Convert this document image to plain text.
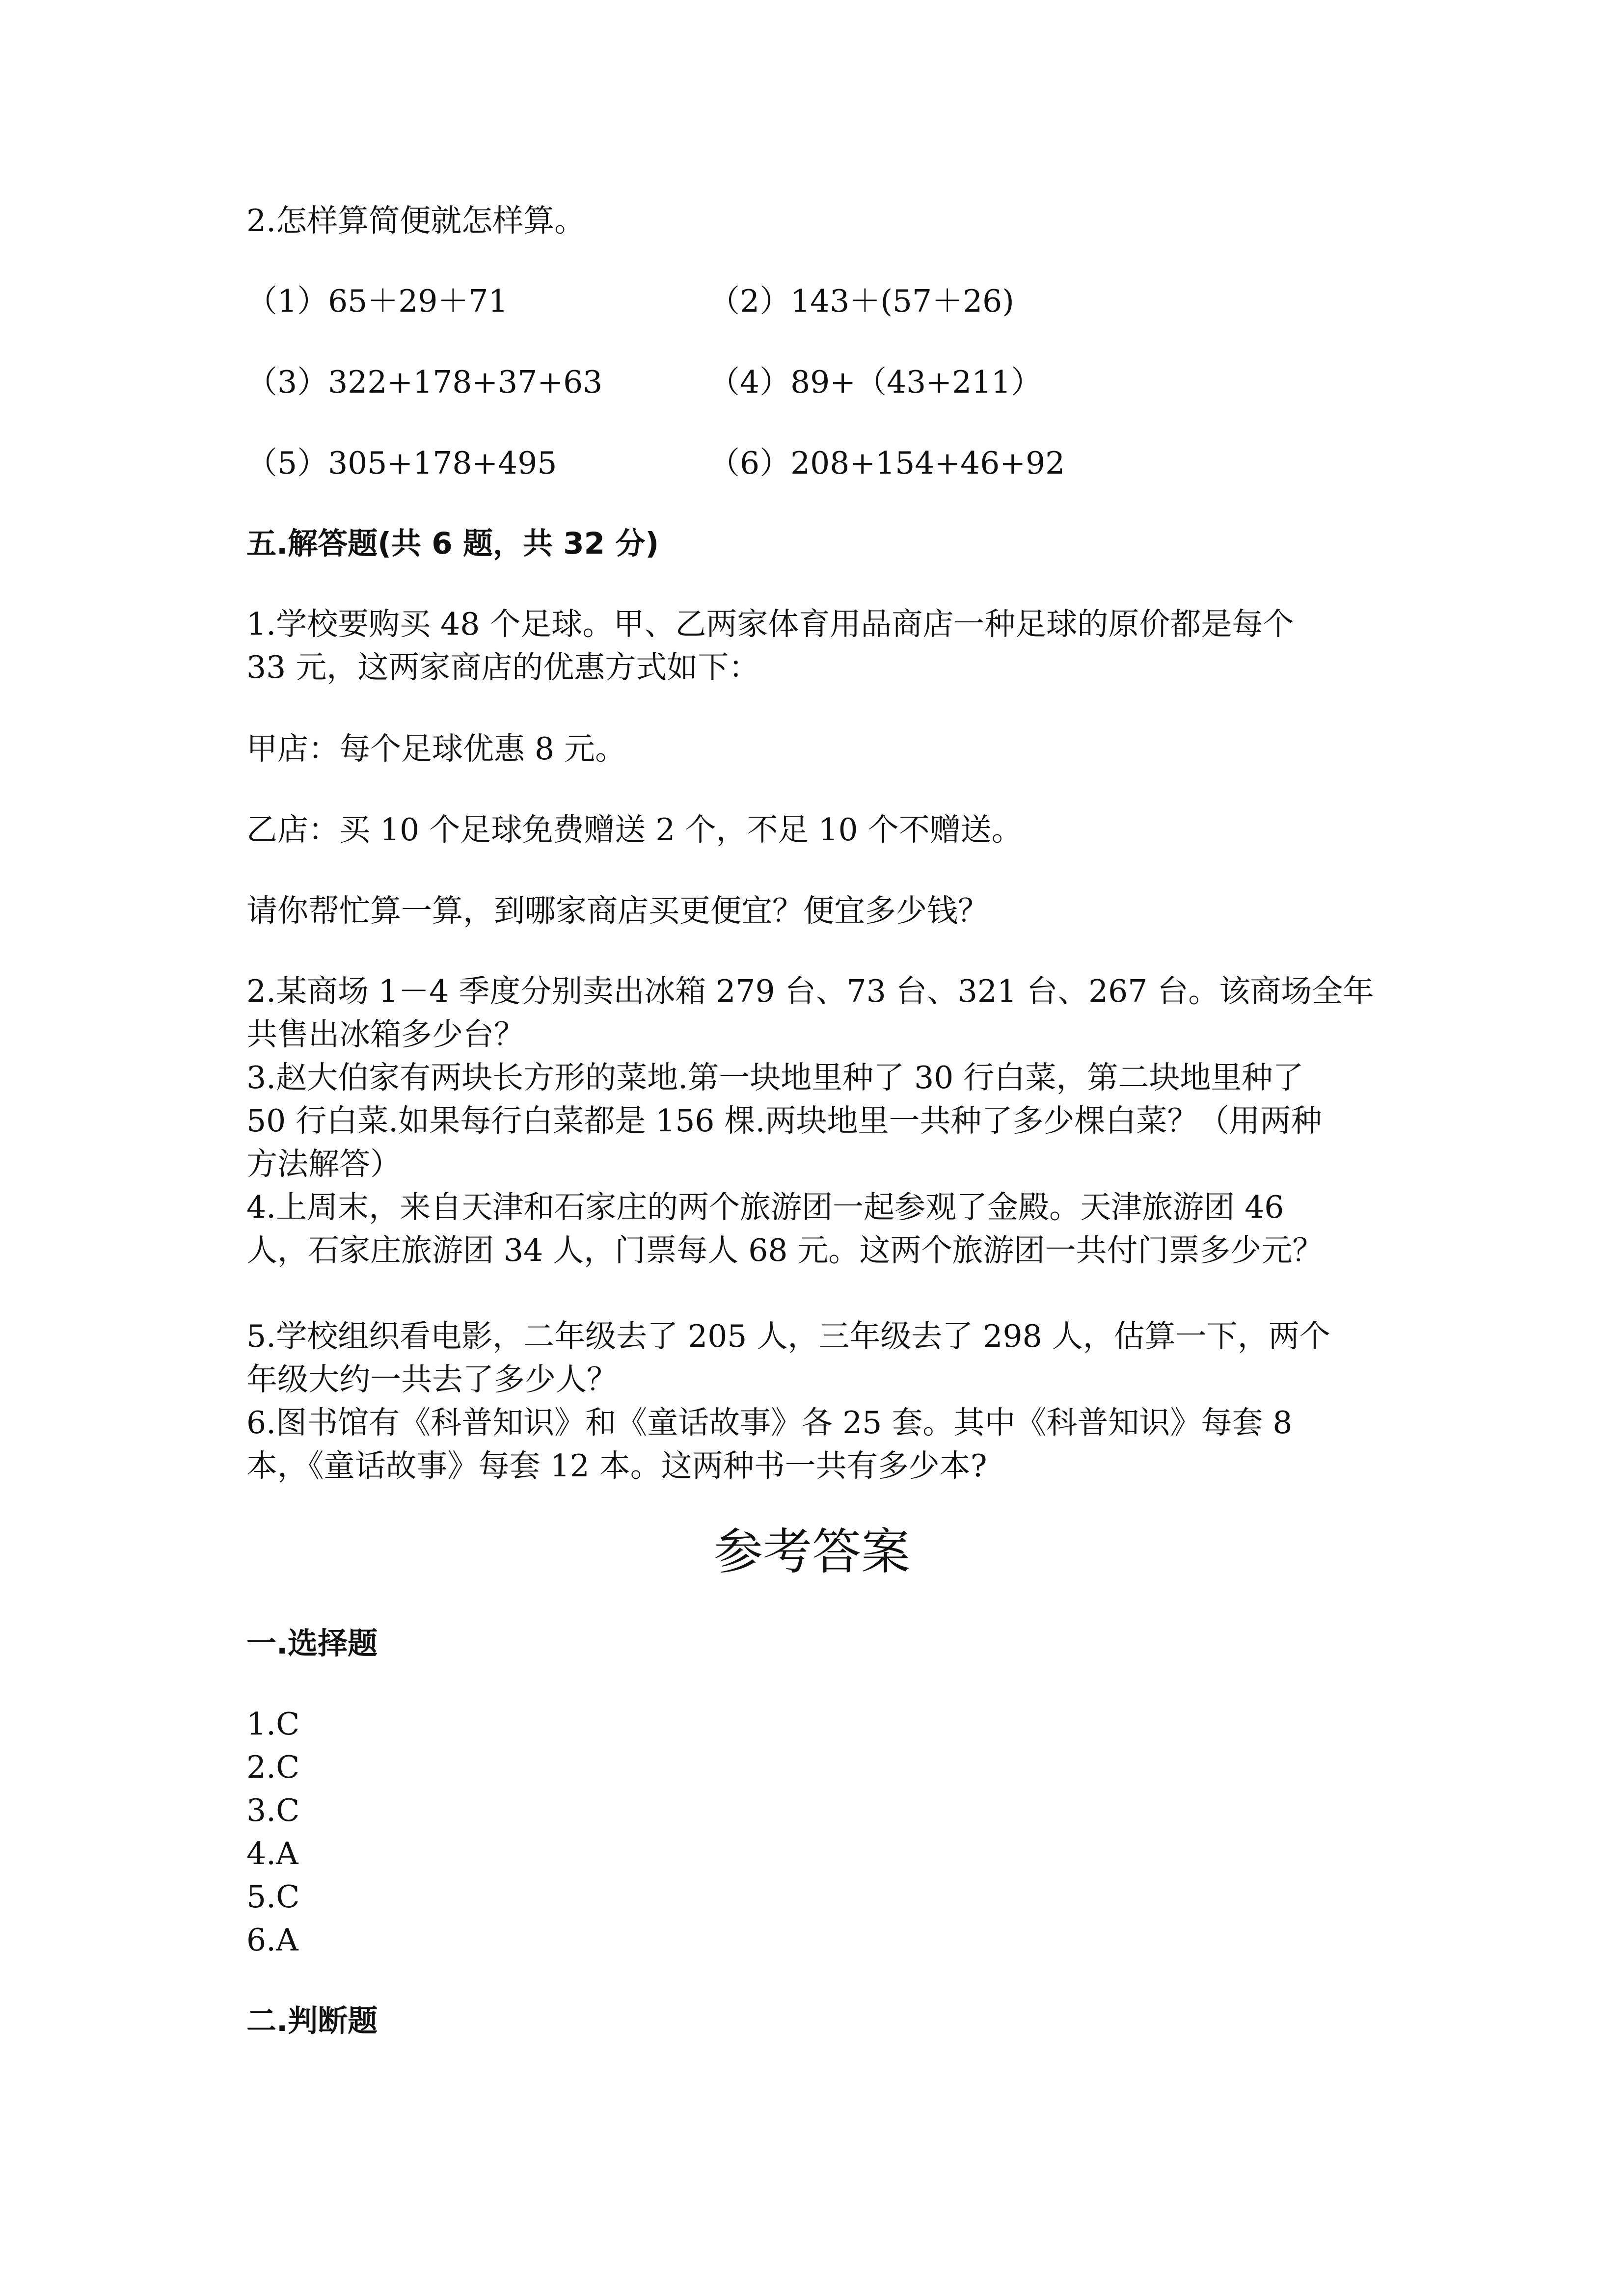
2.怎样算简便就怎样算。
（1）65＋29＋71	（2）143＋(57＋26)
（3）322+178+37+63	（4）89+（43+211）
（5）305+178+495	（6）208+154+46+92
五.解答题(共 6 题，共 32 分)
1.学校要购买 48 个足球。甲、乙两家体育用品商店一种足球的原价都是每个
33 元，这两家商店的优惠方式如下：
甲店：每个足球优惠 8 元。
乙店：买 10 个足球免费赠送 2 个，不足 10 个不赠送。
请你帮忙算一算，到哪家商店买更便宜？便宜多少钱？
2.某商场 1－4 季度分别卖出冰箱 279 台、73 台、321 台、267 台。该商场全年
共售出冰箱多少台？
3.赵大伯家有两块长方形的菜地.第一块地里种了 30 行白菜，第二块地里种了
50 行白菜.如果每行白菜都是 156 棵.两块地里一共种了多少棵白菜？（用两种
方法解答）
4.上周末，来自天津和石家庄的两个旅游团一起参观了金殿。天津旅游团 46
人，石家庄旅游团 34 人，门票每人 68 元。这两个旅游团一共付门票多少元？
5.学校组织看电影，二年级去了 205 人，三年级去了 298 人，估算一下，两个
年级大约一共去了多少人？
6.图书馆有《科普知识》和《童话故事》各 25 套。其中《科普知识》每套 8
本，《童话故事》每套 12 本。这两种书一共有多少本?
参考答案
一.选择题
1.C
2.C
3.C
4.A
5.C
6.A
二.判断题
